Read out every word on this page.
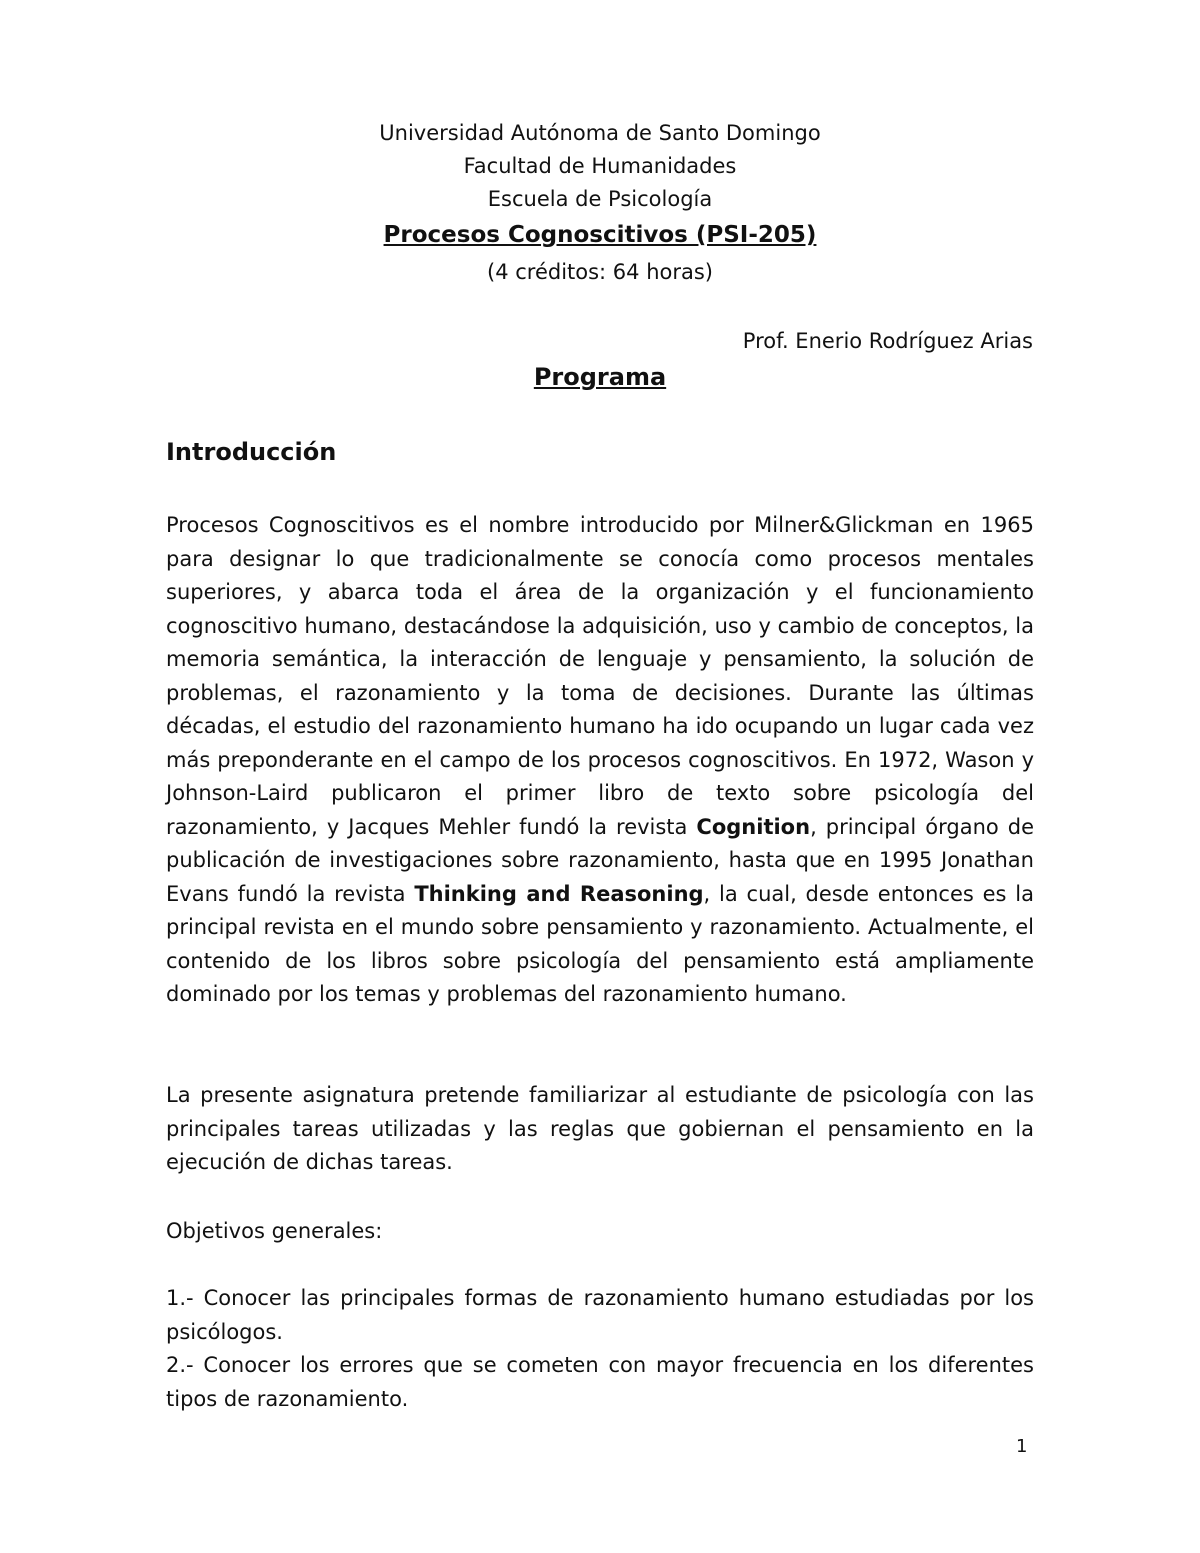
Universidad Autónoma de Santo Domingo
Facultad de Humanidades
Escuela de Psicología
Procesos Cognoscitivos (PSI-205)
(4 créditos: 64 horas)
Prof. Enerio Rodríguez Arias
Programa
Introducción

Procesos Cognoscitivos es el nombre introducido por Milner&Glickman en 1965 para designar lo que tradicionalmente se conocía como procesos mentales superiores, y abarca toda el área de la organización y el funcionamiento cognoscitivo humano, destacándose la adquisición, uso y cambio de conceptos, la memoria semántica, la interacción de lenguaje y pensamiento, la solución de problemas, el razonamiento y la toma de decisiones. Durante las últimas décadas, el estudio del razonamiento humano ha ido ocupando un lugar cada vez más preponderante en el campo de los procesos cognoscitivos. En 1972, Wason y Johnson-Laird publicaron el primer libro de texto sobre psicología del razonamiento, y Jacques Mehler fundó la revista Cognition, principal órgano de publicación de investigaciones sobre razonamiento, hasta que en 1995 Jonathan Evans fundó la revista Thinking and Reasoning, la cual, desde entonces es la principal revista en el mundo sobre pensamiento y razonamiento. Actualmente, el contenido de los libros sobre psicología del pensamiento está ampliamente dominado por los temas y problemas del razonamiento humano.

La presente asignatura pretende familiarizar al estudiante de psicología con las principales tareas utilizadas y las reglas que gobiernan el pensamiento en la ejecución de dichas tareas.

Objetivos generales:

1.- Conocer las principales formas de razonamiento humano estudiadas por los psicólogos.

2.- Conocer los errores que se cometen con mayor frecuencia en los diferentes tipos de razonamiento.

1
